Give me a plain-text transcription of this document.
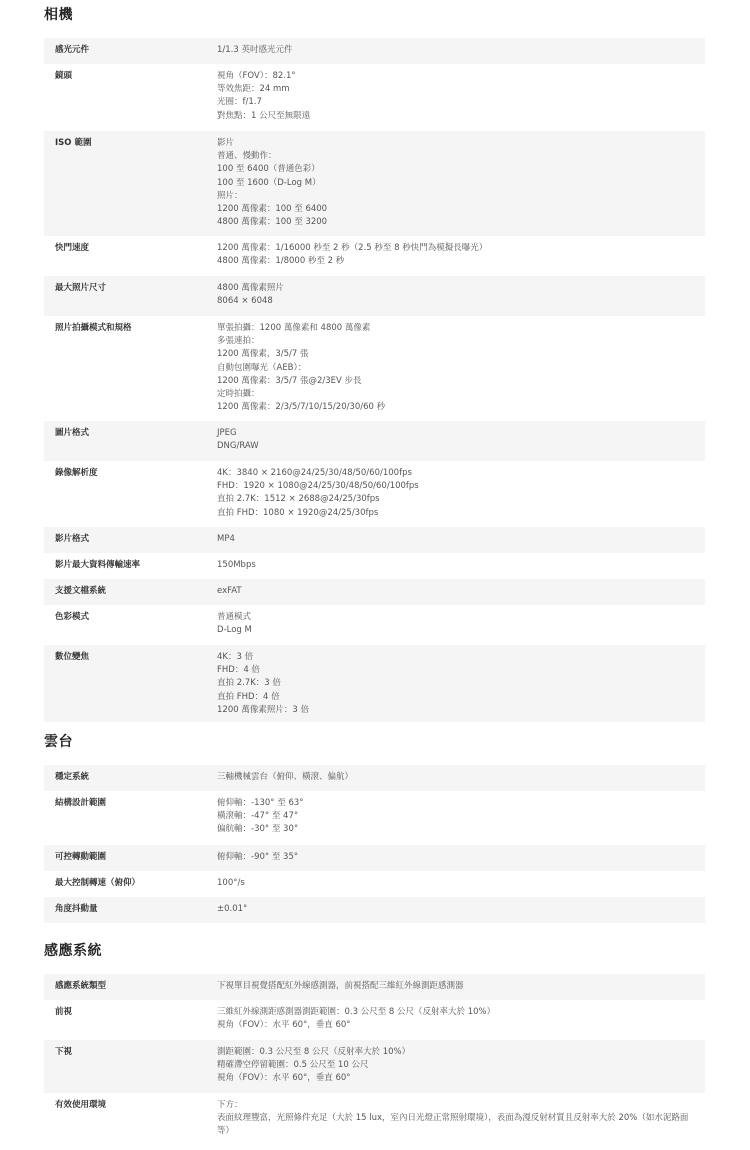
相機
感光元件	1/1.3 英吋感光元件
鏡頭	視角（FOV）：82.1°
等效焦距：24 mm
光圈：f/1.7
對焦點：1 公尺至無限遠
ISO 範圍	影片
普通、慢動作：
100 至 6400（普通色彩）
100 至 1600（D-Log M）
照片：
1200 萬像素：100 至 6400
4800 萬像素：100 至 3200
快門速度	1200 萬像素：1/16000 秒至 2 秒（2.5 秒至 8 秒快門為模擬長曝光）
4800 萬像素：1/8000 秒至 2 秒
最大照片尺寸	4800 萬像素照片
8064 × 6048
照片拍攝模式和規格	單張拍攝：1200 萬像素和 4800 萬像素
多張連拍：
1200 萬像素，3/5/7 張
自動包圍曝光（AEB）：
1200 萬像素：3/5/7 張@2/3EV 步長
定時拍攝：
1200 萬像素：2/3/5/7/10/15/20/30/60 秒
圖片格式	JPEG
DNG/RAW
錄像解析度	4K：3840 × 2160@24/25/30/48/50/60/100fps
FHD：1920 × 1080@24/25/30/48/50/60/100fps
直拍 2.7K：1512 × 2688@24/25/30fps
直拍 FHD：1080 × 1920@24/25/30fps
影片格式	MP4
影片最大資料傳輸速率	150Mbps
支援文檔系統	exFAT
色彩模式	普通模式
D-Log M
數位變焦	4K：3 倍
FHD：4 倍
直拍 2.7K：3 倍
直拍 FHD：4 倍
1200 萬像素照片：3 倍
雲台
穩定系統	三軸機械雲台（俯仰、橫滾、偏航）
結構設計範圍	俯仰軸：-130° 至 63°
橫滾軸：-47° 至 47°
偏航軸：-30° 至 30°
可控轉動範圍	俯仰軸：-90° 至 35°
最大控制轉速（俯仰）	100°/s
角度抖動量	±0.01°
感應系統
感應系統類型	下視單目視覺搭配紅外線感測器，前視搭配三維紅外線測距感測器
前視	三維紅外線測距感測器測距範圍：0.3 公尺至 8 公尺（反射率大於 10%）
視角（FOV）：水平 60°，垂直 60°
下視	測距範圍：0.3 公尺至 8 公尺（反射率大於 10%）
精確滯空停留範圍：0.5 公尺至 10 公尺
視角（FOV）：水平 60°，垂直 60°
有效使用環境	下方：
表面紋理豐富，光照條件充足（大於 15 lux，室內日光燈正常照射環境），表面為漫反射材質且反射率大於 20%（如水泥路面等）
